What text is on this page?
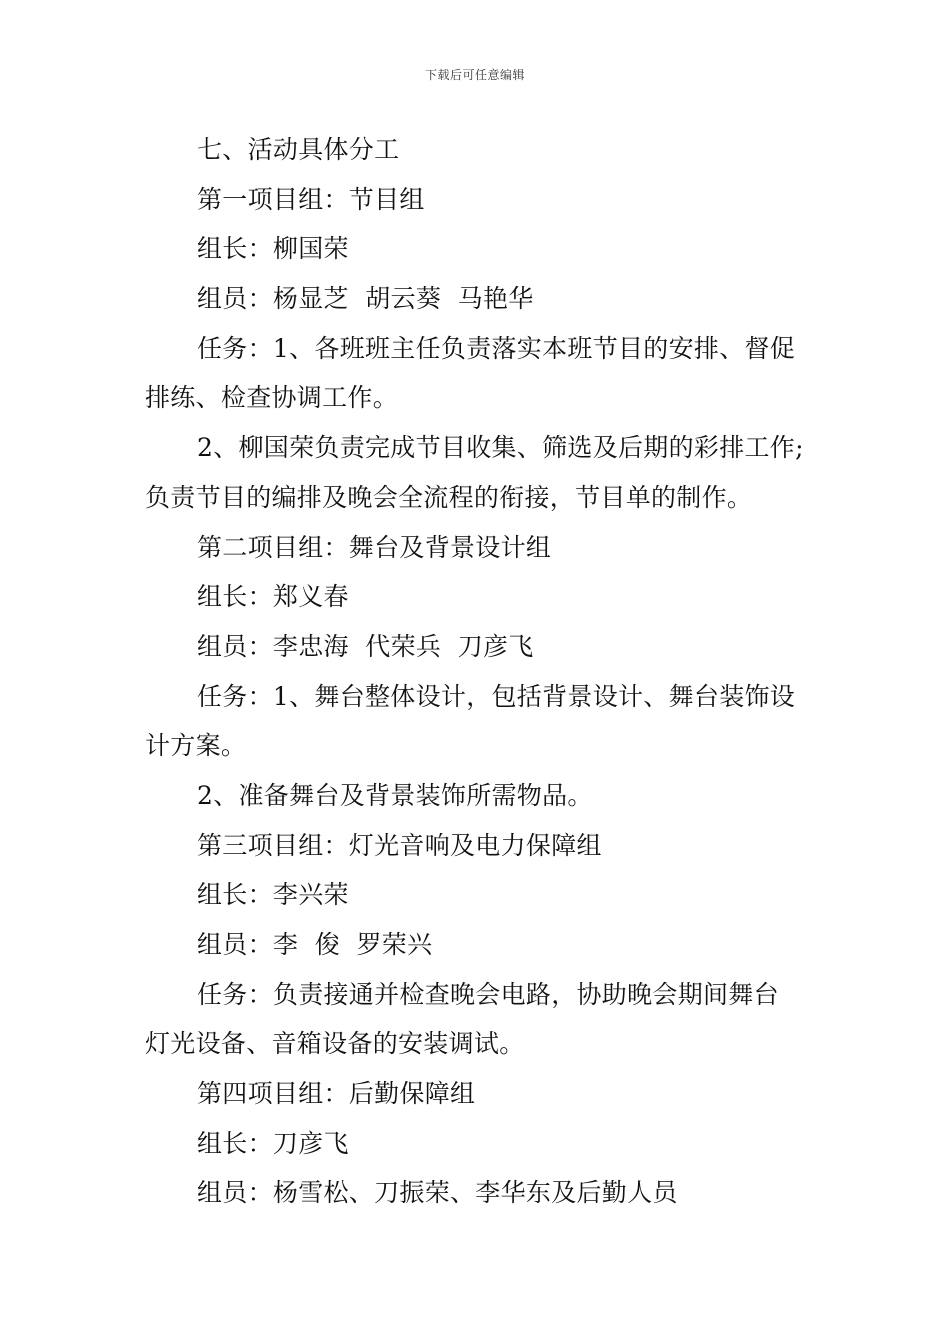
下载后可任意编辑
七、活动具体分工
第一项目组：节目组
组长：柳国荣
组员：杨显芝  胡云葵  马艳华
任务：1、各班班主任负责落实本班节目的安排、督促
排练、检查协调工作。
2、柳国荣负责完成节目收集、筛选及后期的彩排工作;
负责节目的编排及晚会全流程的衔接，节目单的制作。
第二项目组：舞台及背景设计组
组长：郑义春
组员：李忠海  代荣兵  刀彦飞
任务：1、舞台整体设计，包括背景设计、舞台装饰设
计方案。
2、准备舞台及背景装饰所需物品。
第三项目组：灯光音响及电力保障组
组长：李兴荣
组员：李  俊  罗荣兴
任务：负责接通并检查晚会电路，协助晚会期间舞台
灯光设备、音箱设备的安装调试。
第四项目组：后勤保障组
组长：刀彦飞
组员：杨雪松、刀振荣、李华东及后勤人员
